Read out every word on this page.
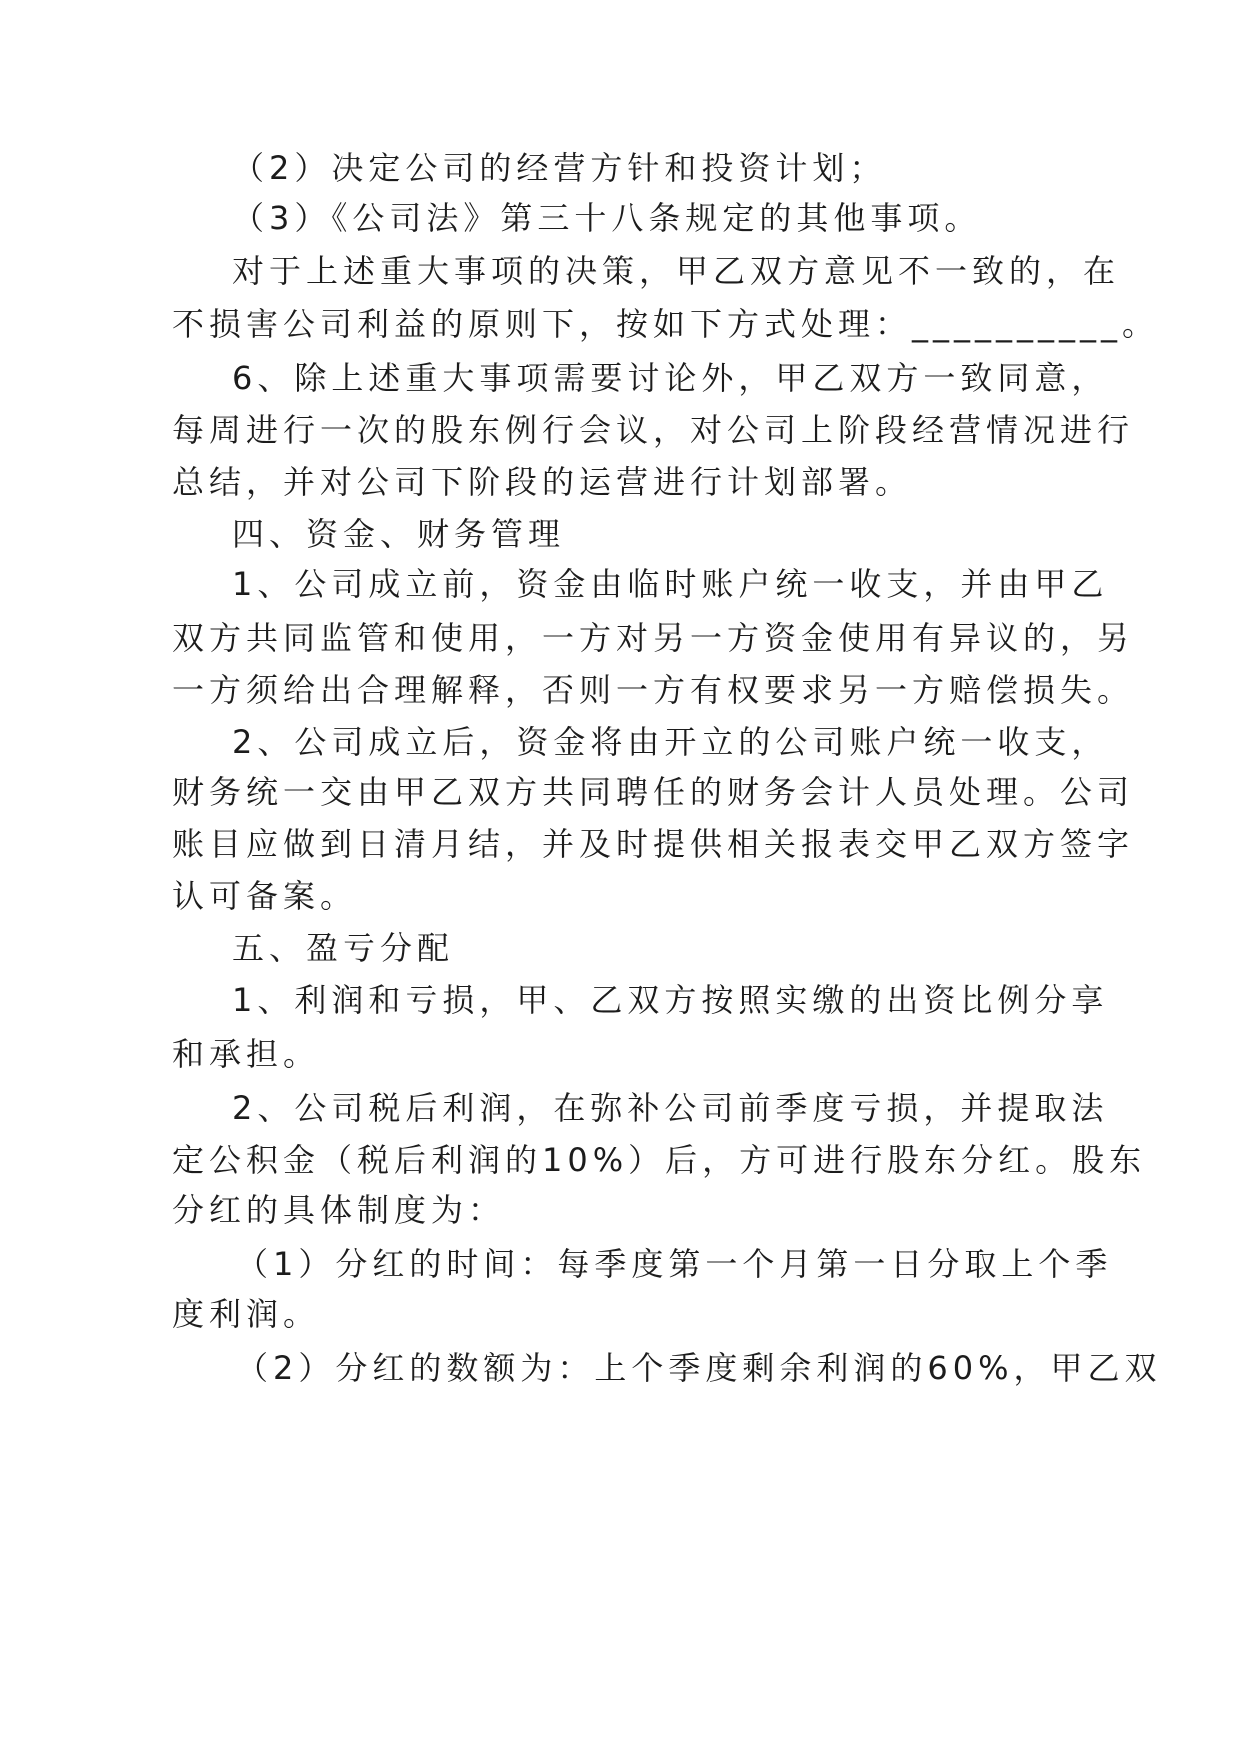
（2）决定公司的经营方针和投资计划；
（3）《公司法》第三十八条规定的其他事项。
对于上述重大事项的决策，甲乙双方意见不一致的，在
不损害公司利益的原则下，按如下方式处理：__________。
6、除上述重大事项需要讨论外，甲乙双方一致同意，
每周进行一次的股东例行会议，对公司上阶段经营情况进行
总结，并对公司下阶段的运营进行计划部署。
四、资金、财务管理
1、公司成立前，资金由临时账户统一收支，并由甲乙
双方共同监管和使用，一方对另一方资金使用有异议的，另
一方须给出合理解释，否则一方有权要求另一方赔偿损失。
2、公司成立后，资金将由开立的公司账户统一收支，
财务统一交由甲乙双方共同聘任的财务会计人员处理。公司
账目应做到日清月结，并及时提供相关报表交甲乙双方签字
认可备案。
五、盈亏分配
1、利润和亏损，甲、乙双方按照实缴的出资比例分享
和承担。
2、公司税后利润，在弥补公司前季度亏损，并提取法
定公积金（税后利润的10%）后，方可进行股东分红。股东
分红的具体制度为：
（1）分红的时间：每季度第一个月第一日分取上个季
度利润。
（2）分红的数额为：上个季度剩余利润的60%，甲乙双
